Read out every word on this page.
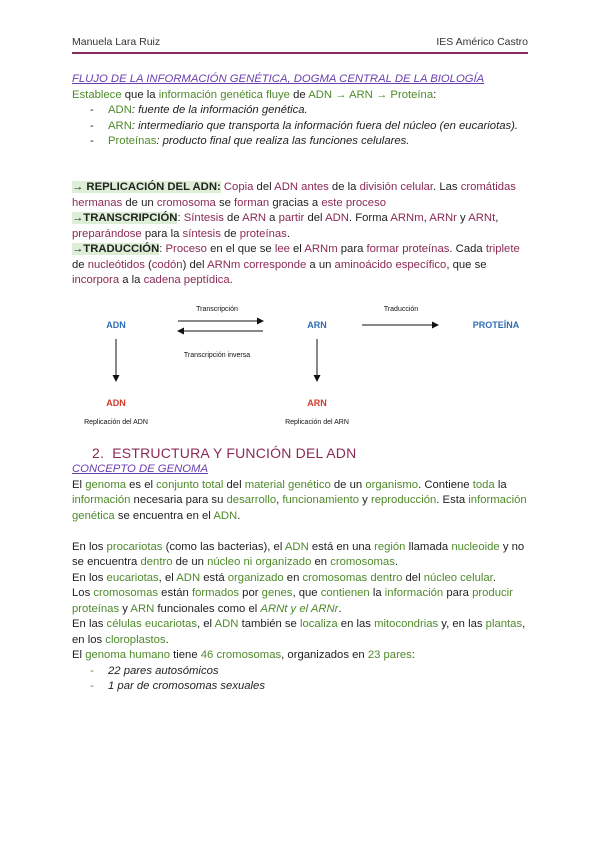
Manuela Lara Ruiz	IES Américo Castro
FLUJO DE LA INFORMACIÓN GENÉTICA, DOGMA CENTRAL DE LA BIOLOGÍA
Establece que la información genética fluye de ADN → ARN → Proteína:
- ADN: fuente de la información genética.
- ARN: intermediario que transporta la información fuera del núcleo (en eucariotas).
- Proteínas: producto final que realiza las funciones celulares.
→ REPLICACIÓN DEL ADN: Copia del ADN antes de la división celular. Las cromátidas hermanas de un cromosoma se forman gracias a este proceso
→TRANSCRIPCIÓN: Síntesis de ARN a partir del ADN. Forma ARNm, ARNr y ARNt, preparándose para la síntesis de proteínas.
→TRADUCCIÓN: Proceso en el que se lee el ARNm para formar proteínas. Cada triplete de nucleótidos (codón) del ARNm corresponde a un aminoácido específico, que se incorpora a la cadena peptídica.
ADN	ARN	PROTEÍNA
Transcripción
Transcripción inversa
Traducción
ADN	ARN
Replicación del ADN	Replicación del ARN
2. ESTRUCTURA Y FUNCIÓN DEL ADN
CONCEPTO DE GENOMA
El genoma es el conjunto total del material genético de un organismo. Contiene toda la información necesaria para su desarrollo, funcionamiento y reproducción. Esta información genética se encuentra en el ADN.
En los procariotas (como las bacterias), el ADN está en una región llamada nucleoide y no se encuentra dentro de un núcleo ni organizado en cromosomas.
En los eucariotas, el ADN está organizado en cromosomas dentro del núcleo celular.
Los cromosomas están formados por genes, que contienen la información para producir proteínas y ARN funcionales como el ARNt y el ARNr.
En las células eucariotas, el ADN también se localiza en las mitocondrias y, en las plantas, en los cloroplastos.
El genoma humano tiene 46 cromosomas, organizados en 23 pares:
- 22 pares autosómicos
- 1 par de cromosomas sexuales
